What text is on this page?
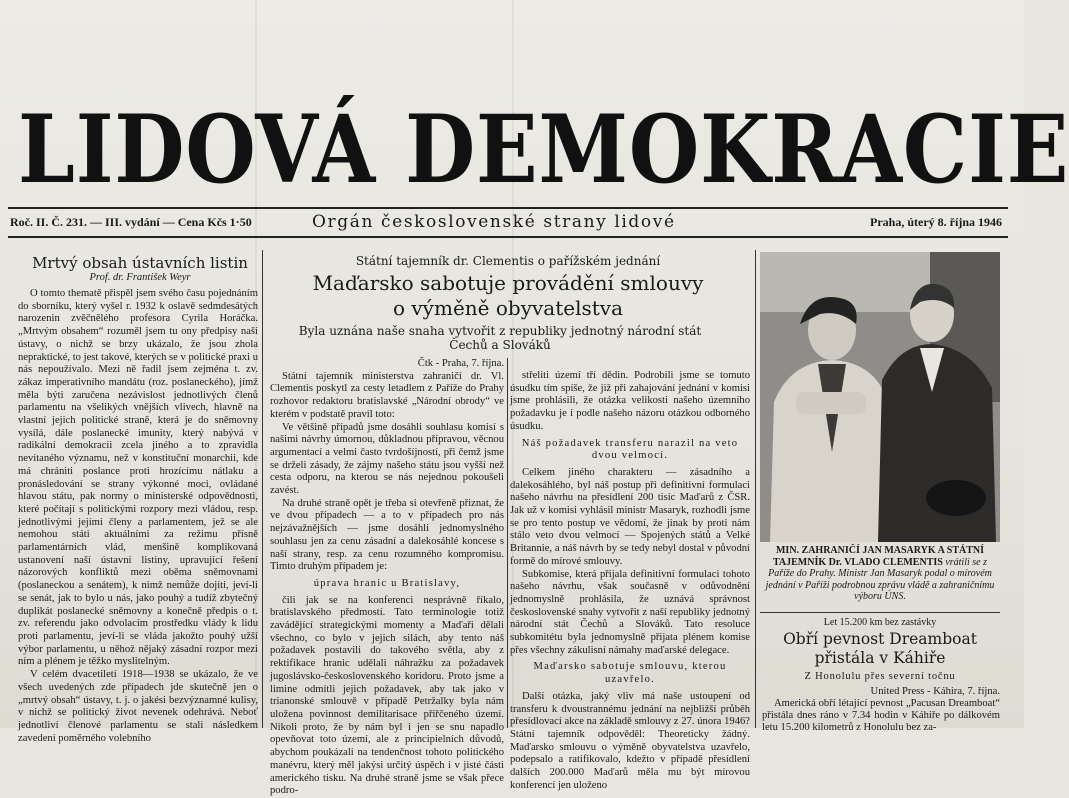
LIDOVÁ DEMOKRACIE
Roč. II. Č. 231. — III. vydání — Cena Kčs 1·50	Orgán československé strany lidové	Praha, úterý 8. října 1946
Mrtvý obsah ústavních listin
Prof. dr. František Weyr

O tomto thematě přispěl jsem svého času pojednáním do sborníku, který vyšel r. 1932 k oslavě sedmdesátých narozenin zvěčnělého profesora Cyrila Horáčka. „Mrtvým obsahem“ rozuměl jsem tu ony předpisy naší ústavy, o nichž se brzy ukázalo, že jsou zhola nepraktické, to jest takové, kterých se v politické praxi u nás nepoužívalo. Mezi ně řadil jsem zejména t. zv. zákaz imperativního mandátu (roz. poslaneckého), jímž měla býti zaručena nezávislost jednotlivých členů parlamentu na všelikých vnějších vlivech, hlavně na vlastní jejich politické straně, která je do sněmovny vysílá, dále poslanecké imunity, který nabývá v radikální demokracii zcela jiného a to zpravidla nevítaného významu, než v konstituční monarchii, kde má chrániti poslance proti hrozícímu nátlaku a pronásledování se strany výkonné moci, ovládané hlavou státu, pak normy o ministerské odpovědnosti, které počítají s politickými rozpory mezi vládou, resp. jednotlivými jejími členy a parlamentem, jež se ale nemohou státi aktuálními za režimu přísně parlamentárních vlád, menšině komplikovaná ustanovení naší ústavní listiny, upravující řešení názorových konfliktů mezi oběma sněmovnami (poslaneckou a senátem), k nimž nemůže dojíti, jeví-li se senát, jak to bylo u nás, jako pouhý a tudíž zbytečný duplikát poslanecké sněmovny a konečně předpis o t. zv. referendu jako odvolacím prostředku vlády k lidu proti parlamentu, jeví-li se vláda jakožto pouhý užší výbor parlamentu, u něhož nějaký zásadní rozpor mezi ním a plénem je těžko myslitelným.

V celém dvacetiletí 1918—1938 se ukázalo, že ve všech uvedených zde případech jde skutečně jen o „mrtvý obsah“ ústavy, t. j. o jakési bezvýznamné kulisy, v nichž se politický život nevenek odehrává. Neboť jednotliví členové parlamentu se stali následkem zavedení poměrného volebního

Státní tajemník dr. Clementis o pařížském jednání
Maďarsko sabotuje provádění smlouvy
o výměně obyvatelstva
Byla uznána naše snaha vytvořit z republiky jednotný národní stát Čechů a Slováků

Čtk - Praha, 7. října.

Státní tajemník ministerstva zahraničí dr. Vl. Clementis poskytl za cesty letadlem z Paříže do Prahy rozhovor redaktoru bratislavské „Národní obrody“ ve kterém v podstatě pravil toto:

Ve většině případů jsme dosáhli souhlasu komisí s našimi návrhy úmornou, důkladnou přípravou, věcnou argumentací a velmi často tvrdošíjností, při čemž jsme se drželi zásady, že zájmy našeho státu jsou vyšší než cesta odporu, na kterou se nás nejednou pokoušeli zavést.

Na druhé straně opět je třeba si otevřeně přiznat, že ve dvou případech — a to v případech pro nás nejzávažnějších — jsme dosáhli jednomyslného souhlasu jen za cenu zásadní a dalekosáhlé koncese s naší strany, resp. za cenu rozumného kompromisu. Timto druhým případem je:

úprava hranic u Bratislavy,

čili jak se na konferenci nesprávně říkalo, bratislavského předmostí. Tato terminologie totiž zavádějící strategickými momenty a Maďaři dělali všechno, co bylo v jejich silách, aby tento náš požadavek postavili do takového světla, aby z rektifikace hranic udělali náhražku za požadavek jugoslávsko-československého koridoru. Proto jsme a limine odmítli jejich požadavek, aby tak jako v trianonské smlouvě v případě Petržalky byla nám uložena povinnost demilitarisace přiřčeného území. Nikoli proto, že by nám byl i jen se snu napadlo opevňovat toto území, ale z principielních důvodů, abychom poukázali na tendenčnost tohoto politického manévru, který měl jakýsi určitý úspěch i v jisté části amerického tisku. Na druhé straně jsme se však přece podro-

střeliti území tří dědin. Podrobili jsme se tomuto úsudku tím spíše, že již při zahajování jednání v komisi jsme prohlásili, že otázka velikosti našeho územního požadavku je i podle našeho názoru otázkou odborného úsudku.

Náš požadavek transferu narazil na veto dvou velmocí.

Celkem jiného charakteru — zásadního a dalekosáhlého, byl náš postup při definitivní formulaci našeho návrhu na přesídlení 200 tisíc Maďarů z ČSR. Jak už v komisi vyhlásil ministr Masaryk, rozhodli jsme se pro tento postup ve vědomí, že jinak by proti nám stálo veto dvou velmocí — Spojených států a Velké Britannie, a náš návrh by se tedy nebyl dostal v původní formě do mírové smlouvy.

Subkomise, která přijala definitivní formulaci tohoto našeho návrhu, však současně v odůvodnění jednomyslně prohlásila, že uznává správnost československé snahy vytvořit z naší republiky jednotný národní stát Čechů a Slováků. Tato resoluce subkomitétu byla jednomyslně přijata plénem komise přes všechny zákulisní námahy maďarské delegace.

Maďarsko sabotuje smlouvu, kterou uzavřelo.

Další otázka, jaký vliv má naše ustoupení od transferu k dvoustrannému jednání na nejbližší průběh přesídlovací akce na základě smlouvy z 27. února 1946? Státní tajemník odpověděl: Theoreticky žádný. Maďarsko smlouvu o výměně obyvatelstva uzavřelo, podepsalo a ratifikovalo, kdežto v případě přesídlení dalších 200.000 Maďarů měla mu být mírovou konferencí jen uloženo

MIN. ZAHRANIČÍ JAN MASARYK A STÁTNÍ TAJEMNÍK Dr. VLADO CLEMENTIS vrátili se z Paříže do Prahy. Ministr Jan Masaryk podal o mírovém jednání v Paříži podrobnou zprávu vládě a zahraničnímu výboru ÚNS.
Let 15.200 km bez zastávky
Obří pevnost Dreamboat přistála v Káhiře
Z Honolulu přes severní točnu

United Press - Káhira, 7. října.

Americká obří létající pevnost „Pacusan Dreamboat“ přistála dnes ráno v 7.34 hodin v Káhiře po dálkovém letu 15.200 kilometrů z Honolulu bez za-
